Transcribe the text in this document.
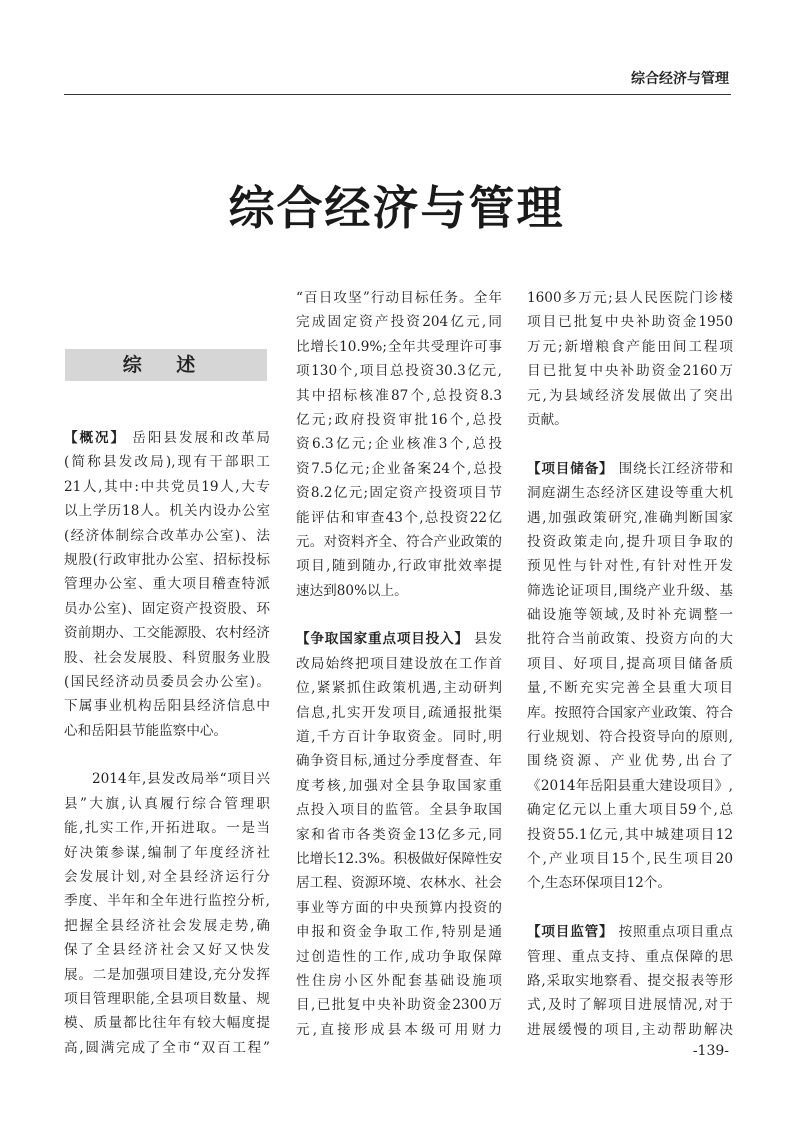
综合经济与管理
综合经济与管理
综 述
【概况】 岳阳县发展和改革局
(简称县发改局),现有干部职工
21人,其中:中共党员19人,大专
以上学历18人。机关内设办公室
(经济体制综合改革办公室)、法
规股(行政审批办公室、招标投标
管理办公室、重大项目稽查特派
员办公室)、固定资产投资股、环
资前期办、工交能源股、农村经济
股、社会发展股、科贸服务业股
(国民经济动员委员会办公室)。
下属事业机构岳阳县经济信息中
心和岳阳县节能监察中心。
2014年,县发改局举“项目兴
县”大旗,认真履行综合管理职
能,扎实工作,开拓进取。一是当
好决策参谋,编制了年度经济社
会发展计划,对全县经济运行分
季度、半年和全年进行监控分析,
把握全县经济社会发展走势,确
保了全县经济社会又好又快发
展。二是加强项目建设,充分发挥
项目管理职能,全县项目数量、规
模、质量都比往年有较大幅度提
高,圆满完成了全市“双百工程”
“百日攻坚”行动目标任务。全年
完成固定资产投资204亿元,同
比增长10.9%;全年共受理许可事
项130个,项目总投资30.3亿元,
其中招标核准87个,总投资8.3
亿元;政府投资审批16个,总投
资6.3亿元;企业核准3个,总投
资7.5亿元;企业备案24个,总投
资8.2亿元;固定资产投资项目节
能评估和审查43个,总投资22亿
元。对资料齐全、符合产业政策的
项目,随到随办,行政审批效率提
速达到80%以上。
【争取国家重点项目投入】 县发
改局始终把项目建设放在工作首
位,紧紧抓住政策机遇,主动研判
信息,扎实开发项目,疏通报批渠
道,千方百计争取资金。同时,明
确争资目标,通过分季度督查、年
度考核,加强对全县争取国家重
点投入项目的监管。全县争取国
家和省市各类资金13亿多元,同
比增长12.3%。积极做好保障性安
居工程、资源环境、农林水、社会
事业等方面的中央预算内投资的
申报和资金争取工作,特别是通
过创造性的工作,成功争取保障
性住房小区外配套基础设施项
目,已批复中央补助资金2300万
元,直接形成县本级可用财力
1600多万元;县人民医院门诊楼
项目已批复中央补助资金1950
万元;新增粮食产能田间工程项
目已批复中央补助资金2160万
元,为县域经济发展做出了突出
贡献。
【项目储备】 围绕长江经济带和
洞庭湖生态经济区建设等重大机
遇,加强政策研究,准确判断国家
投资政策走向,提升项目争取的
预见性与针对性,有针对性开发
筛选论证项目,围绕产业升级、基
础设施等领域,及时补充调整一
批符合当前政策、投资方向的大
项目、好项目,提高项目储备质
量,不断充实完善全县重大项目
库。按照符合国家产业政策、符合
行业规划、符合投资导向的原则,
围绕资源、产业优势,出台了
《2014年岳阳县重大建设项目》,
确定亿元以上重大项目59个,总
投资55.1亿元,其中城建项目12
个,产业项目15个,民生项目20
个,生态环保项目12个。
【项目监管】 按照重点项目重点
管理、重点支持、重点保障的思
路,采取实地察看、提交报表等形
式,及时了解项目进展情况,对于
进展缓慢的项目,主动帮助解决
-139-
